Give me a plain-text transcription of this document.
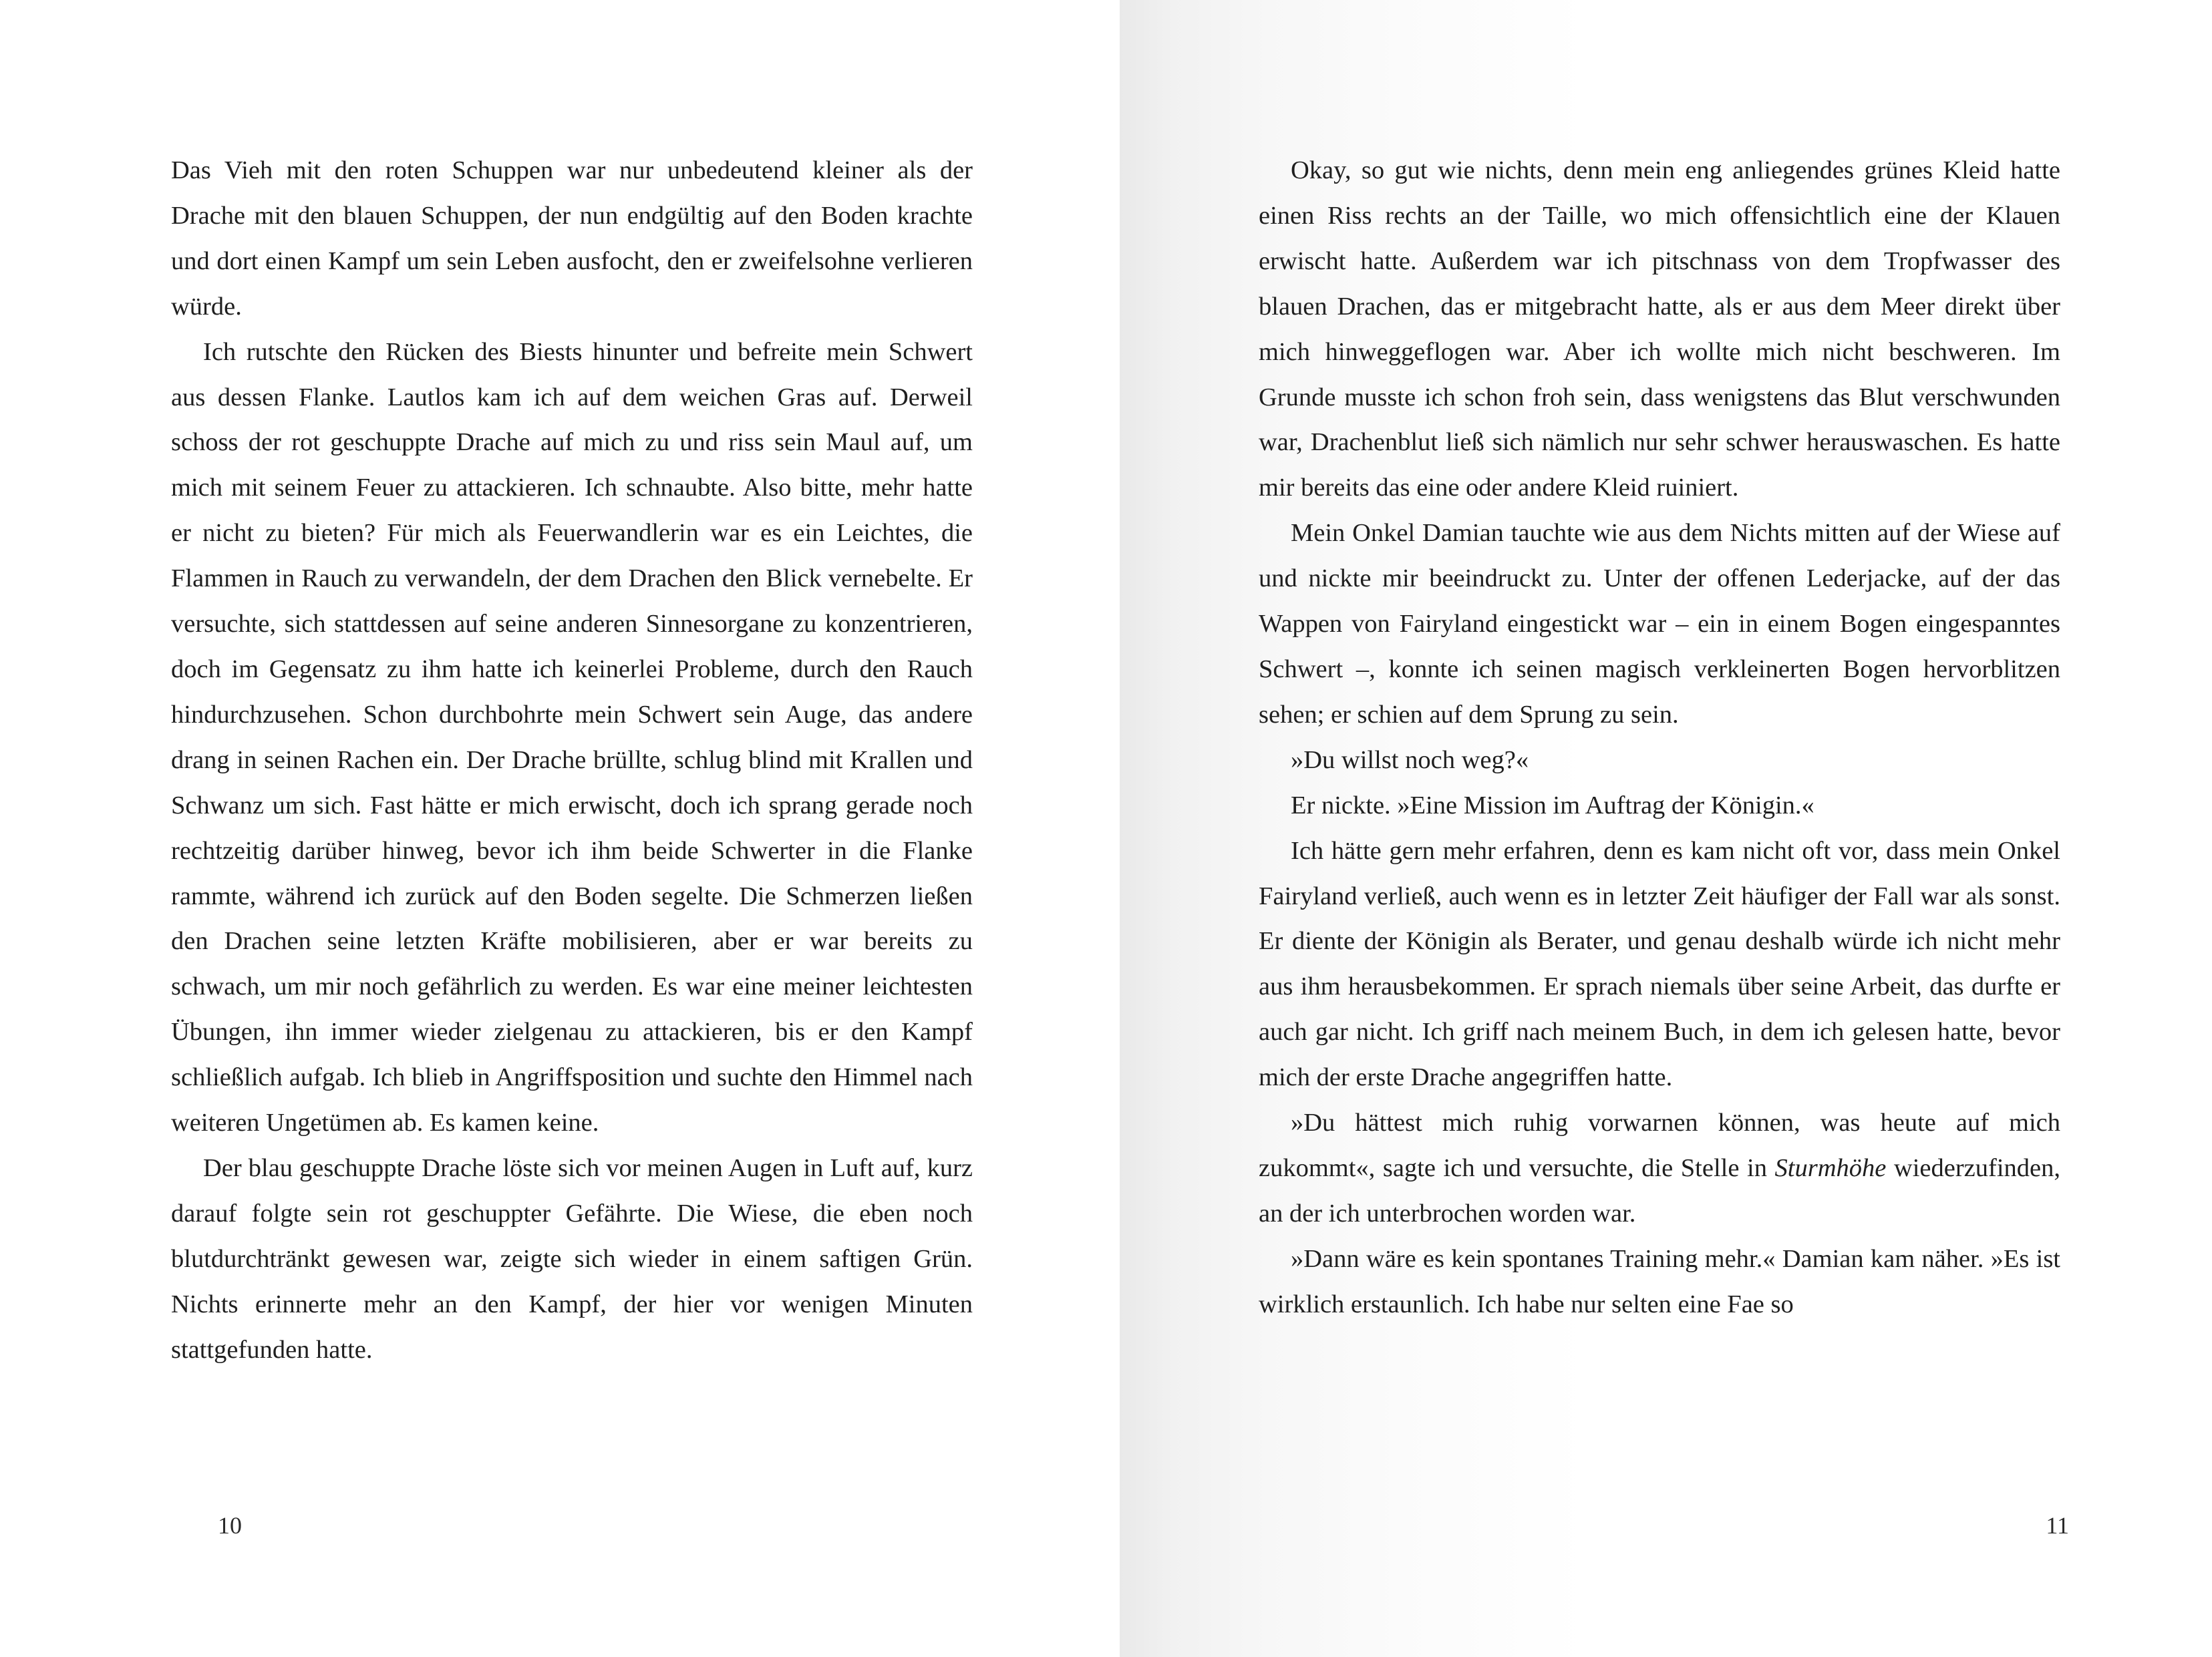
Das Vieh mit den roten Schuppen war nur unbedeutend kleiner als der Drache mit den blauen Schuppen, der nun endgültig auf den Boden krachte und dort einen Kampf um sein Leben ausfocht, den er zweifelsohne verlieren würde.

Ich rutschte den Rücken des Biests hinunter und befreite mein Schwert aus dessen Flanke. Lautlos kam ich auf dem weichen Gras auf. Derweil schoss der rot geschuppte Drache auf mich zu und riss sein Maul auf, um mich mit seinem Feuer zu attackieren. Ich schnaubte. Also bitte, mehr hatte er nicht zu bieten? Für mich als Feuerwandlerin war es ein Leichtes, die Flammen in Rauch zu verwandeln, der dem Drachen den Blick vernebelte. Er versuchte, sich stattdessen auf seine anderen Sinnesorgane zu konzentrieren, doch im Gegensatz zu ihm hatte ich keinerlei Probleme, durch den Rauch hindurchzusehen. Schon durchbohrte mein Schwert sein Auge, das andere drang in seinen Rachen ein. Der Drache brüllte, schlug blind mit Krallen und Schwanz um sich. Fast hätte er mich erwischt, doch ich sprang gerade noch rechtzeitig darüber hinweg, bevor ich ihm beide Schwerter in die Flanke rammte, während ich zurück auf den Boden segelte. Die Schmerzen ließen den Drachen seine letzten Kräfte mobilisieren, aber er war bereits zu schwach, um mir noch gefährlich zu werden. Es war eine meiner leichtesten Übungen, ihn immer wieder zielgenau zu attackieren, bis er den Kampf schließlich aufgab. Ich blieb in Angriffsposition und suchte den Himmel nach weiteren Ungetümen ab. Es kamen keine.

Der blau geschuppte Drache löste sich vor meinen Augen in Luft auf, kurz darauf folgte sein rot geschuppter Gefährte. Die Wiese, die eben noch blutdurchtränkt gewesen war, zeigte sich wieder in einem saftigen Grün. Nichts erinnerte mehr an den Kampf, der hier vor wenigen Minuten stattgefunden hatte.

10

Okay, so gut wie nichts, denn mein eng anliegendes grünes Kleid hatte einen Riss rechts an der Taille, wo mich offensichtlich eine der Klauen erwischt hatte. Außerdem war ich pitschnass von dem Tropfwasser des blauen Drachen, das er mitgebracht hatte, als er aus dem Meer direkt über mich hinweggeflogen war. Aber ich wollte mich nicht beschweren. Im Grunde musste ich schon froh sein, dass wenigstens das Blut verschwunden war, Drachenblut ließ sich nämlich nur sehr schwer herauswaschen. Es hatte mir bereits das eine oder andere Kleid ruiniert.

Mein Onkel Damian tauchte wie aus dem Nichts mitten auf der Wiese auf und nickte mir beeindruckt zu. Unter der offenen Lederjacke, auf der das Wappen von Fairyland eingestickt war – ein in einem Bogen eingespanntes Schwert –, konnte ich seinen magisch verkleinerten Bogen hervorblitzen sehen; er schien auf dem Sprung zu sein.

»Du willst noch weg?«

Er nickte. »Eine Mission im Auftrag der Königin.«

Ich hätte gern mehr erfahren, denn es kam nicht oft vor, dass mein Onkel Fairyland verließ, auch wenn es in letzter Zeit häufiger der Fall war als sonst. Er diente der Königin als Berater, und genau deshalb würde ich nicht mehr aus ihm herausbekommen. Er sprach niemals über seine Arbeit, das durfte er auch gar nicht. Ich griff nach meinem Buch, in dem ich gelesen hatte, bevor mich der erste Drache angegriffen hatte.

»Du hättest mich ruhig vorwarnen können, was heute auf mich zukommt«, sagte ich und versuchte, die Stelle in Sturmhöhe wiederzufinden, an der ich unterbrochen worden war.

»Dann wäre es kein spontanes Training mehr.« Damian kam näher. »Es ist wirklich erstaunlich. Ich habe nur selten eine Fae so

11
